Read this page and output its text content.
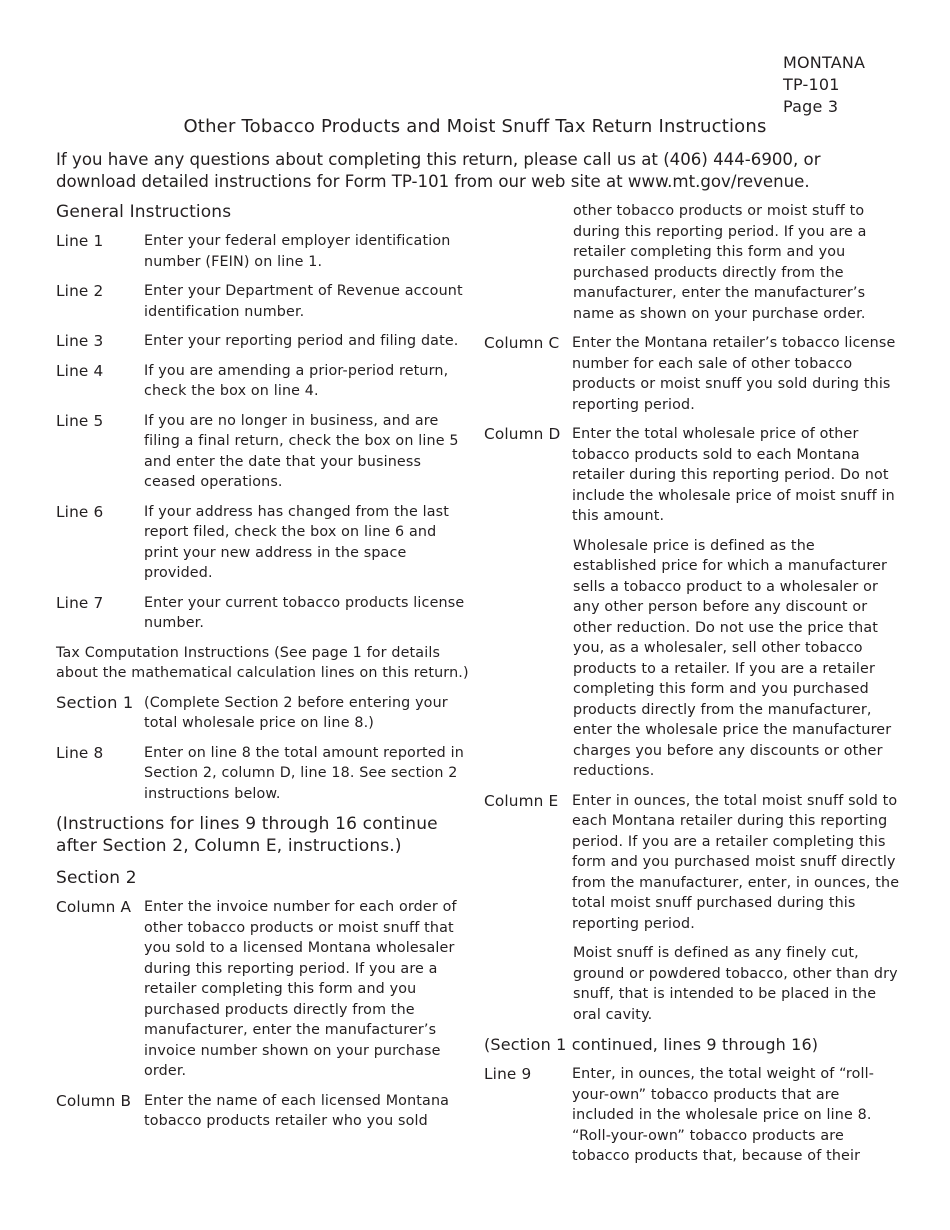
MONTANA
TP-101
Page 3
Other Tobacco Products and Moist Snuff Tax Return Instructions
If you have any questions about completing this return, please call us at (406) 444-6900, or download detailed instructions for Form TP-101 from our web site at www.mt.gov/revenue.
General Instructions
Line 1	Enter your federal employer identification number (FEIN) on line 1.
Line 2	Enter your Department of Revenue account identification number.
Line 3	Enter your reporting period and filing date.
Line 4	If you are amending a prior-period return, check the box on line 4.
Line 5	If you are no longer in business, and are filing a final return, check the box on line 5 and enter the date that your business ceased operations.
Line 6	If your address has changed from the last report filed, check the box on line 6 and print your new address in the space provided.
Line 7	Enter your current tobacco products license number.
Tax Computation Instructions (See page 1 for details about the mathematical calculation lines on this return.)
Section 1 (Complete Section 2 before entering your total wholesale price on line 8.)
Line 8	Enter on line 8 the total amount reported in Section 2, column D, line 18. See section 2 instructions below.
(Instructions for lines 9 through 16 continue after Section 2, Column E, instructions.)
Section 2
Column A Enter the invoice number for each order of other tobacco products or moist snuff that you sold to a licensed Montana wholesaler during this reporting period. If you are a retailer completing this form and you purchased products directly from the manufacturer, enter the manufacturer’s invoice number shown on your purchase order.
Column B Enter the name of each licensed Montana tobacco products retailer who you sold
other tobacco products or moist stuff to during this reporting period. If you are a retailer completing this form and you purchased products directly from the manufacturer, enter the manufacturer’s name as shown on your purchase order.
Column C Enter the Montana retailer’s tobacco license number for each sale of other tobacco products or moist snuff you sold during this reporting period.
Column D Enter the total wholesale price of other tobacco products sold to each Montana retailer during this reporting period. Do not include the wholesale price of moist snuff in this amount.
Wholesale price is defined as the established price for which a manufacturer sells a tobacco product to a wholesaler or any other person before any discount or other reduction. Do not use the price that you, as a wholesaler, sell other tobacco products to a retailer. If you are a retailer completing this form and you purchased products directly from the manufacturer, enter the wholesale price the manufacturer charges you before any discounts or other reductions.
Column E Enter in ounces, the total moist snuff sold to each Montana retailer during this reporting period. If you are a retailer completing this form and you purchased moist snuff directly from the manufacturer, enter, in ounces, the total moist snuff purchased during this reporting period.
Moist snuff is defined as any finely cut, ground or powdered tobacco, other than dry snuff, that is intended to be placed in the oral cavity.
(Section 1 continued, lines 9 through 16)
Line 9	Enter, in ounces, the total weight of “roll-your-own” tobacco products that are included in the wholesale price on line 8. “Roll-your-own” tobacco products are tobacco products that, because of their
